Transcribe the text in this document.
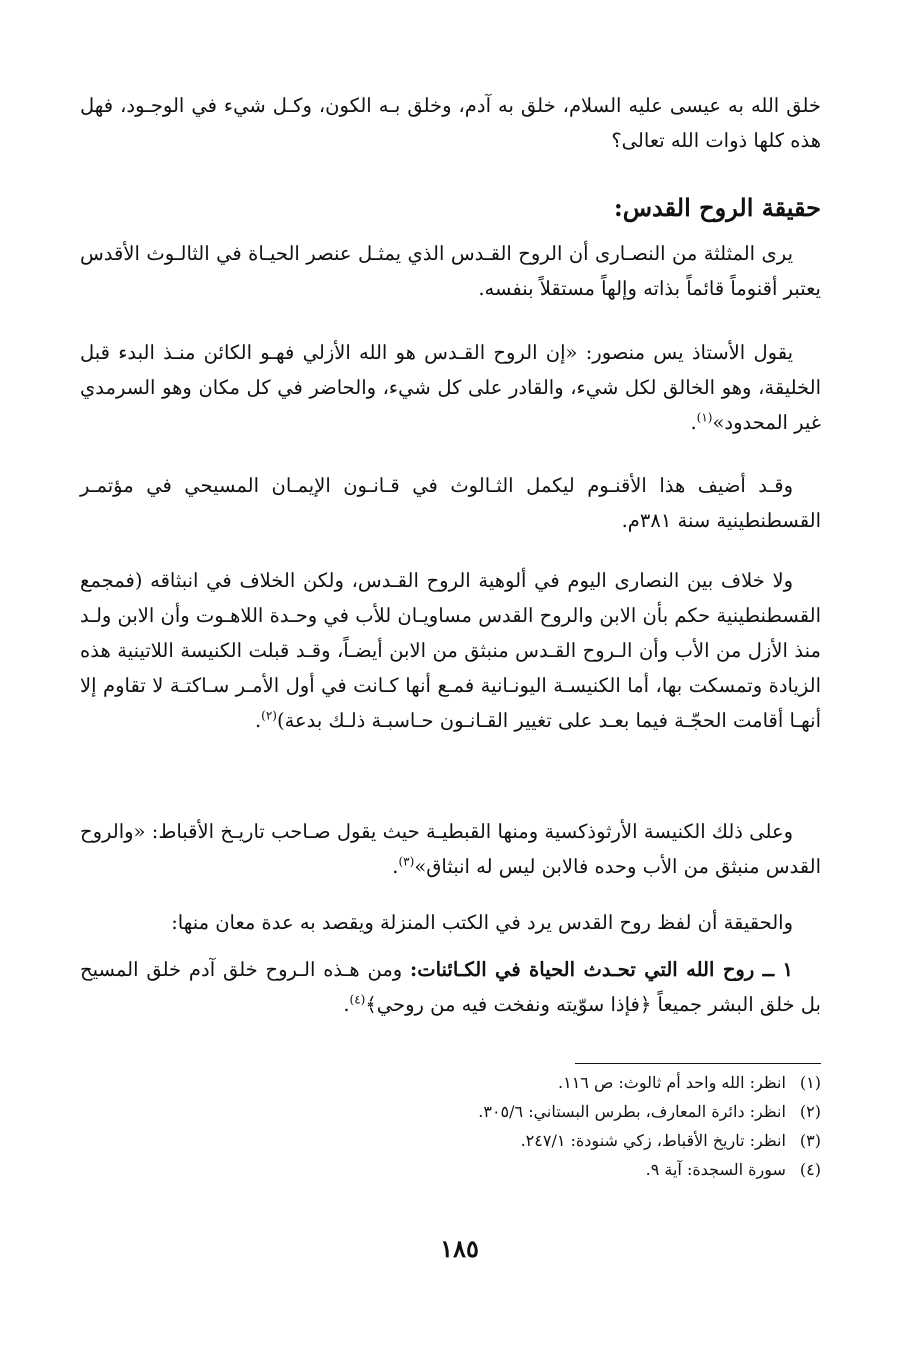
خلق الله به عيسى عليه السلام، خلق به آدم، وخلق بـه الكون، وكـل شيء في الوجـود، فهل هذه كلها ذوات الله تعالى؟

حقيقة الروح القدس:

يرى المثلثة من النصـارى أن الروح القـدس الذي يمثـل عنصر الحيـاة في الثالـوث الأقدس يعتبر أقنوماً قائماً بذاته وإلهاً مستقلاً بنفسه.

يقول الأستاذ يس منصور: «إن الروح القـدس هو الله الأزلي فهـو الكائن منـذ البدء قبل الخليقة، وهو الخالق لكل شيء، والقادر على كل شيء، والحاضر في كل مكان وهو السرمدي غير المحدود»$^{(١)}$.

وقـد أضيف هذا الأقنـوم ليكمل الثـالوث في قـانـون الإيمـان المسيحي في مؤتمـر القسطنطينية سنة ٣٨١م.

ولا خلاف بين النصارى اليوم في ألوهية الروح القـدس، ولكن الخلاف في انبثاقه (فمجمع القسطنطينية حكم بأن الابن والروح القدس مساويـان للأب في وحـدة اللاهـوت وأن الابن ولـد منذ الأزل من الأب وأن الـروح القـدس منبثق من الابن أيضـاً، وقـد قبلت الكنيسة اللاتينية هذه الزيادة وتمسكت بها، أما الكنيسـة اليونـانية فمـع أنها كـانت في أول الأمـر سـاكتـة لا تقاوم إلا أنهـا أقامت الحجّـة فيما بعـد على تغيير القـانـون حـاسبـة ذلـك بدعة)$^{(٢)}$.

وعلى ذلك الكنيسة الأرثوذكسية ومنها القبطيـة حيث يقول صـاحب تاريـخ الأقباط: «والروح القدس منبثق من الأب وحده فالابن ليس له انبثاق»$^{(٣)}$.

والحقيقة أن لفظ روح القدس يرد في الكتب المنزلة ويقصد به عدة معان منها:

١ ــ روح الله التي تحـدث الحياة في الكـائنات: ومن هـذه الـروح خلق آدم خلق المسيح بل خلق البشر جميعاً ﴿فإذا سوّيته ونفخت فيه من روحي﴾$^{(٤)}$.

(١)انظر: الله واحد أم ثالوث: ص ١١٦.
(٢)انظر: دائرة المعارف، بطرس البستاني: ٣٠٥/٦.
(٣)انظر: تاريخ الأقباط، زكي شنودة: ٢٤٧/١.
(٤)سورة السجدة: آية ٩.
١٨٥
